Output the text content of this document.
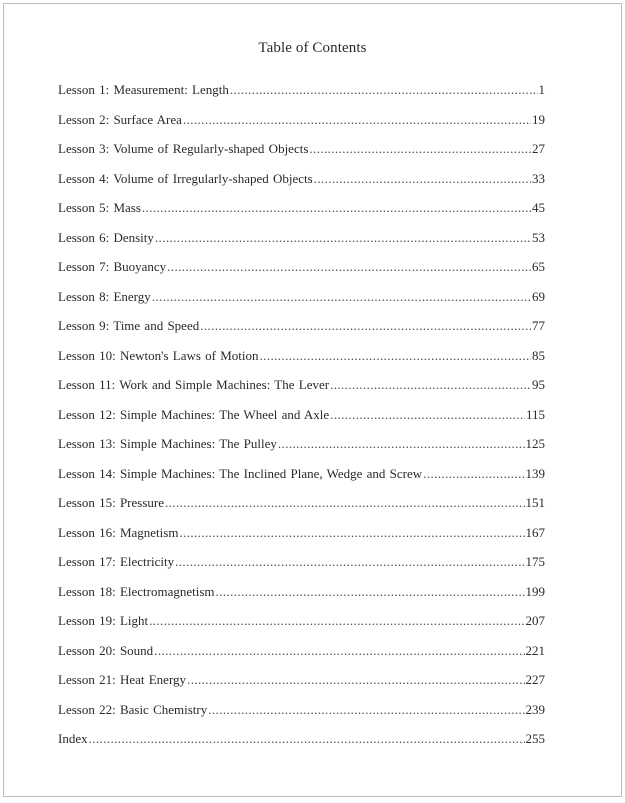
Table of Contents
Lesson 1: Measurement: Length .....	1
Lesson 2: Surface Area .....	19
Lesson 3: Volume of Regularly-shaped Objects .....	27
Lesson 4: Volume of Irregularly-shaped Objects .....	33
Lesson 5: Mass .....	45
Lesson 6: Density .....	53
Lesson 7: Buoyancy .....	65
Lesson 8: Energy .....	69
Lesson 9: Time and Speed .....	77
Lesson 10: Newton's Laws of Motion .....	85
Lesson 11: Work and Simple Machines: The Lever .....	95
Lesson 12: Simple Machines: The Wheel and Axle .....	115
Lesson 13: Simple Machines: The Pulley .....	125
Lesson 14: Simple Machines: The Inclined Plane, Wedge and Screw .....	139
Lesson 15: Pressure .....	151
Lesson 16: Magnetism .....	167
Lesson 17: Electricity .....	175
Lesson 18: Electromagnetism .....	199
Lesson 19: Light .....	207
Lesson 20: Sound .....	221
Lesson 21: Heat Energy .....	227
Lesson 22: Basic Chemistry .....	239
Index .....	255
